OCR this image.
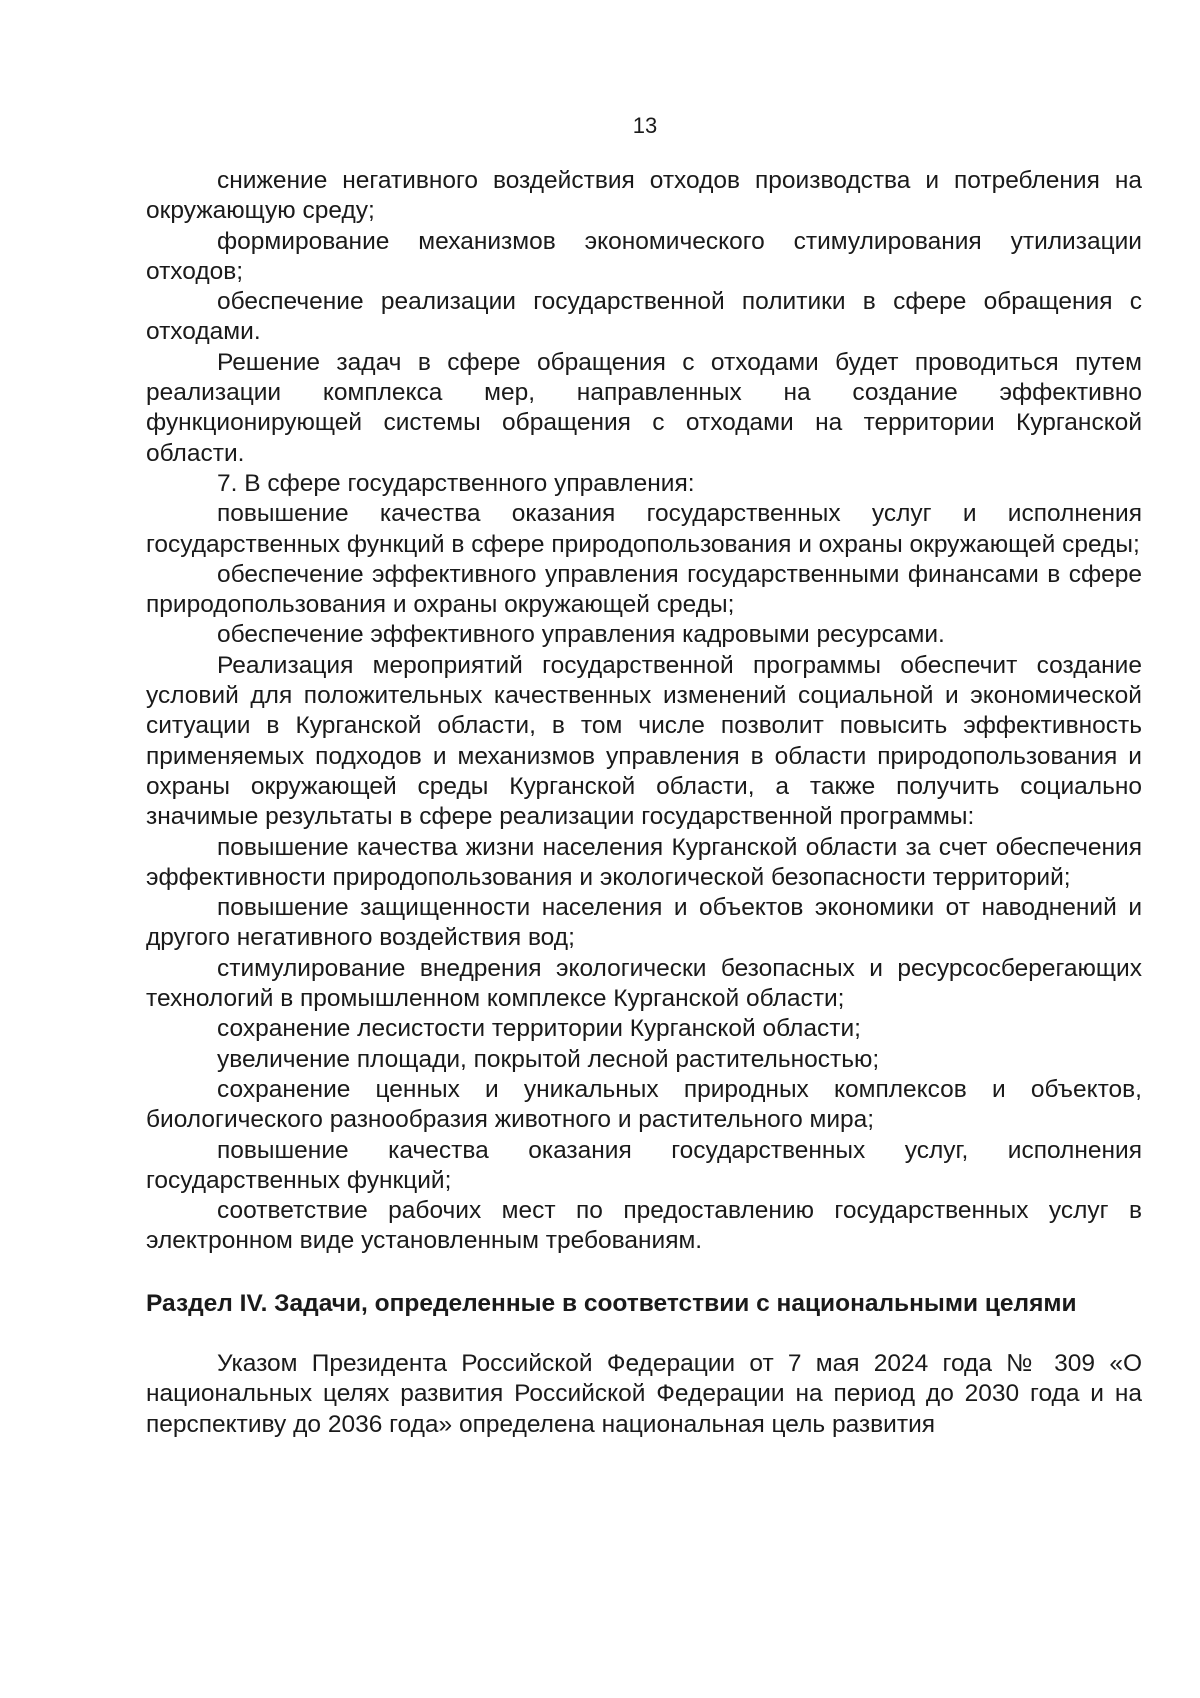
13

снижение негативного воздействия отходов производства и потребления на окружающую среду;

формирование механизмов экономического стимулирования утилизации отходов;

обеспечение реализации государственной политики в сфере обращения с отходами.

Решение задач в сфере обращения с отходами будет проводиться путем реализации комплекса мер, направленных на создание эффективно функционирующей системы обращения с отходами на территории Курганской области.

7. В сфере государственного управления:

повышение качества оказания государственных услуг и исполнения государственных функций в сфере природопользования и охраны окружающей среды;

обеспечение эффективного управления государственными финансами в сфере природопользования и охраны окружающей среды;

обеспечение эффективного управления кадровыми ресурсами.

Реализация мероприятий государственной программы обеспечит создание условий для положительных качественных изменений социальной и экономической ситуации в Курганской области, в том числе позволит повысить эффективность применяемых подходов и механизмов управления в области природопользования и охраны окружающей среды Курганской области, а также получить социально значимые результаты в сфере реализации государственной программы:

повышение качества жизни населения Курганской области за счет обеспечения эффективности природопользования и экологической безопасности территорий;

повышение защищенности населения и объектов экономики от наводнений и другого негативного воздействия вод;

стимулирование внедрения экологически безопасных и ресурсосберегающих технологий в промышленном комплексе Курганской области;

сохранение лесистости территории Курганской области;

увеличение площади, покрытой лесной растительностью;

сохранение ценных и уникальных природных комплексов и объектов, биологического разнообразия животного и растительного мира;

повышение качества оказания государственных услуг, исполнения государственных функций;

соответствие рабочих мест по предоставлению государственных услуг в электронном виде установленным требованиям.

Раздел IV. Задачи, определенные в соответствии с национальными целями

Указом Президента Российской Федерации от 7 мая 2024 года № 309 «О национальных целях развития Российской Федерации на период до 2030 года и на перспективу до 2036 года» определена национальная цель развития
